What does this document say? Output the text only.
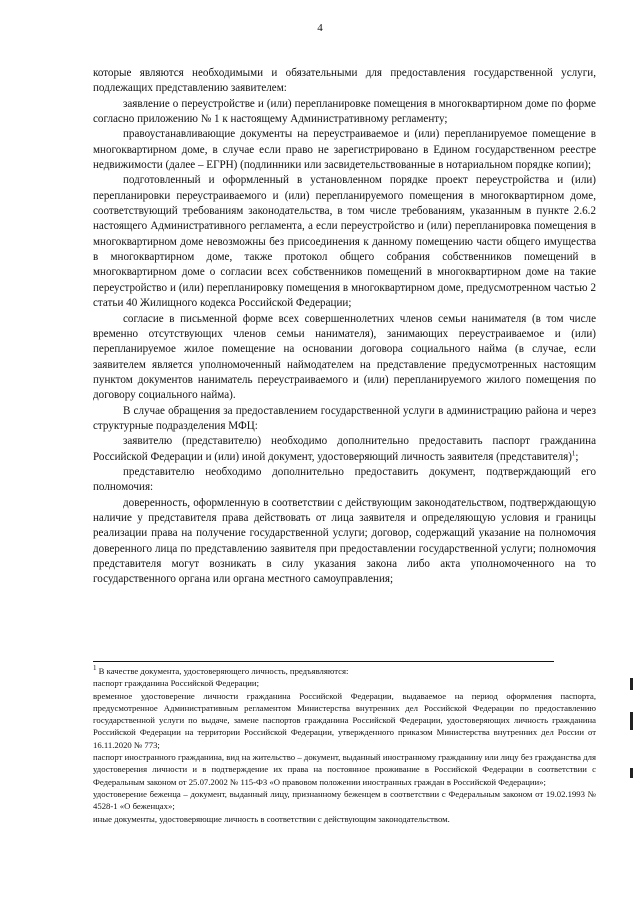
4

которые являются необходимыми и обязательными для предоставления государственной услуги, подлежащих представлению заявителем:

заявление о переустройстве и (или) перепланировке помещения в многоквартирном доме по форме согласно приложению № 1 к настоящему Административному регламенту;

правоустанавливающие документы на переустраиваемое и (или) перепланируемое помещение в многоквартирном доме, в случае если право не зарегистрировано в Едином государственном реестре недвижимости (далее – ЕГРН) (подлинники или засвидетельствованные в нотариальном порядке копии);

подготовленный и оформленный в установленном порядке проект переустройства и (или) перепланировки переустраиваемого и (или) перепланируемого помещения в многоквартирном доме, соответствующий требованиям законодательства, в том числе требованиям, указанным в пункте 2.6.2 настоящего Административного регламента, а если переустройство и (или) перепланировка помещения в многоквартирном доме невозможны без присоединения к данному помещению части общего имущества в многоквартирном доме, также протокол общего собрания собственников помещений в многоквартирном доме о согласии всех собственников помещений в многоквартирном доме на такие переустройство и (или) перепланировку помещения в многоквартирном доме, предусмотренном частью 2 статьи 40 Жилищного кодекса Российской Федерации;

согласие в письменной форме всех совершеннолетних членов семьи нанимателя (в том числе временно отсутствующих членов семьи нанимателя), занимающих переустраиваемое и (или) перепланируемое жилое помещение на основании договора социального найма (в случае, если заявителем является уполномоченный наймодателем на представление предусмотренных настоящим пунктом документов наниматель переустраиваемого и (или) перепланируемого жилого помещения по договору социального найма).

В случае обращения за предоставлением государственной услуги в администрацию района и через структурные подразделения МФЦ:

заявителю (представителю) необходимо дополнительно предоставить паспорт гражданина Российской Федерации и (или) иной документ, удостоверяющий личность заявителя (представителя)$^1$;

представителю необходимо дополнительно предоставить документ, подтверждающий его полномочия:

доверенность, оформленную в соответствии с действующим законодательством, подтверждающую наличие у представителя права действовать от лица заявителя и определяющую условия и границы реализации права на получение государственной услуги; договор, содержащий указание на полномочия доверенного лица по представлению заявителя при предоставлении государственной услуги; полномочия представителя могут возникать в силу указания закона либо акта уполномоченного на то государственного органа или органа местного самоуправления;

$^1$ В качестве документа, удостоверяющего личность, предъявляются:

паспорт гражданина Российской Федерации;

временное удостоверение личности гражданина Российской Федерации, выдаваемое на период оформления паспорта, предусмотренное Административным регламентом Министерства внутренних дел Российской Федерации по предоставлению государственной услуги по выдаче, замене паспортов гражданина Российской Федерации, удостоверяющих личность гражданина Российской Федерации на территории Российской Федерации, утвержденного приказом Министерства внутренних дел России от 16.11.2020 № 773;

паспорт иностранного гражданина, вид на жительство – документ, выданный иностранному гражданину или лицу без гражданства для удостоверения личности и в подтверждение их права на постоянное проживание в Российской Федерации в соответствии с Федеральным законом от 25.07.2002 № 115-ФЗ «О правовом положении иностранных граждан в Российской Федерации»;

удостоверение беженца – документ, выданный лицу, признанному беженцем в соответствии с Федеральным законом от 19.02.1993 № 4528-1 «О беженцах»;

иные документы, удостоверяющие личность в соответствии с действующим законодательством.
